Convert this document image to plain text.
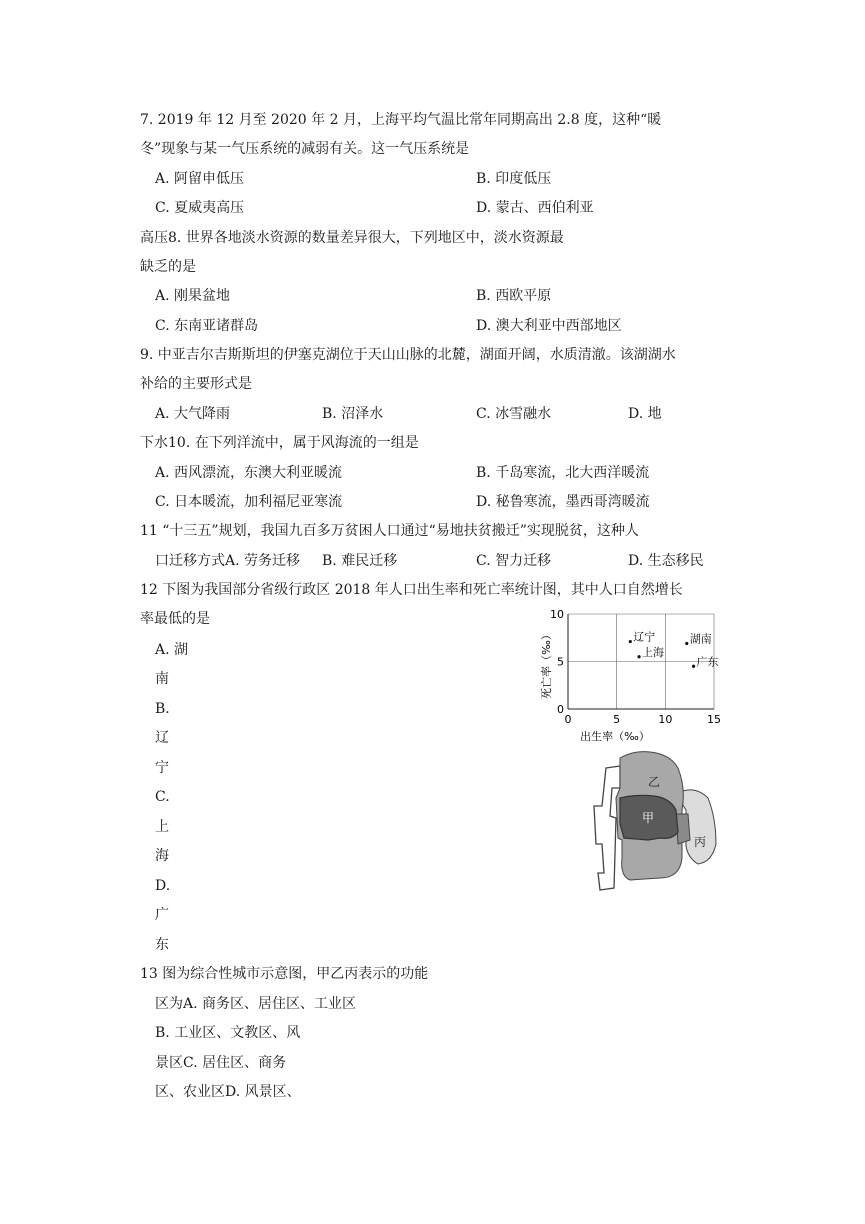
7. 2019 年 12 月至 2020 年 2 月，上海平均气温比常年同期高出 2.8 度，这种“暖
冬”现象与某一气压系统的减弱有关。这一气压系统是
A. 阿留申低压	B. 印度低压
C. 夏威夷高压	D. 蒙古、西伯利亚
高压8. 世界各地淡水资源的数量差异很大，下列地区中，淡水资源最
缺乏的是
A. 刚果盆地	B. 西欧平原
C. 东南亚诸群岛	D. 澳大利亚中西部地区
9. 中亚吉尔吉斯斯坦的伊塞克湖位于天山山脉的北麓，湖面开阔，水质清澈。该湖湖水
补给的主要形式是
A. 大气降雨	B. 沼泽水	C. 冰雪融水	D. 地
下水10. 在下列洋流中，属于风海流的一组是
A. 西风漂流，东澳大利亚暖流	B. 千岛寒流，北大西洋暖流
C. 日本暖流，加利福尼亚寒流	D. 秘鲁寒流，墨西哥湾暖流
11 “十三五”规划，我国九百多万贫困人口通过“易地扶贫搬迁”实现脱贫，这种人
口迁移方式A. 劳务迁移 B. 难民迁移	C. 智力迁移	D. 生态移民
12 下图为我国部分省级行政区 2018 年人口出生率和死亡率统计图，其中人口自然增长
率最低的是
A. 湖
南
B.
辽
宁
C.
上
海
D.
广
东
13 图为综合性城市示意图，甲乙丙表示的功能
区为A. 商务区、居住区、工业区
B. 工业区、文教区、风
景区C. 居住区、商务
区、农业区D. 风景区、
0	5	10	15
0
5
10
辽宁
上海
湖南
广东
出生率（‰）
死亡率（‰）
甲
乙
丙
